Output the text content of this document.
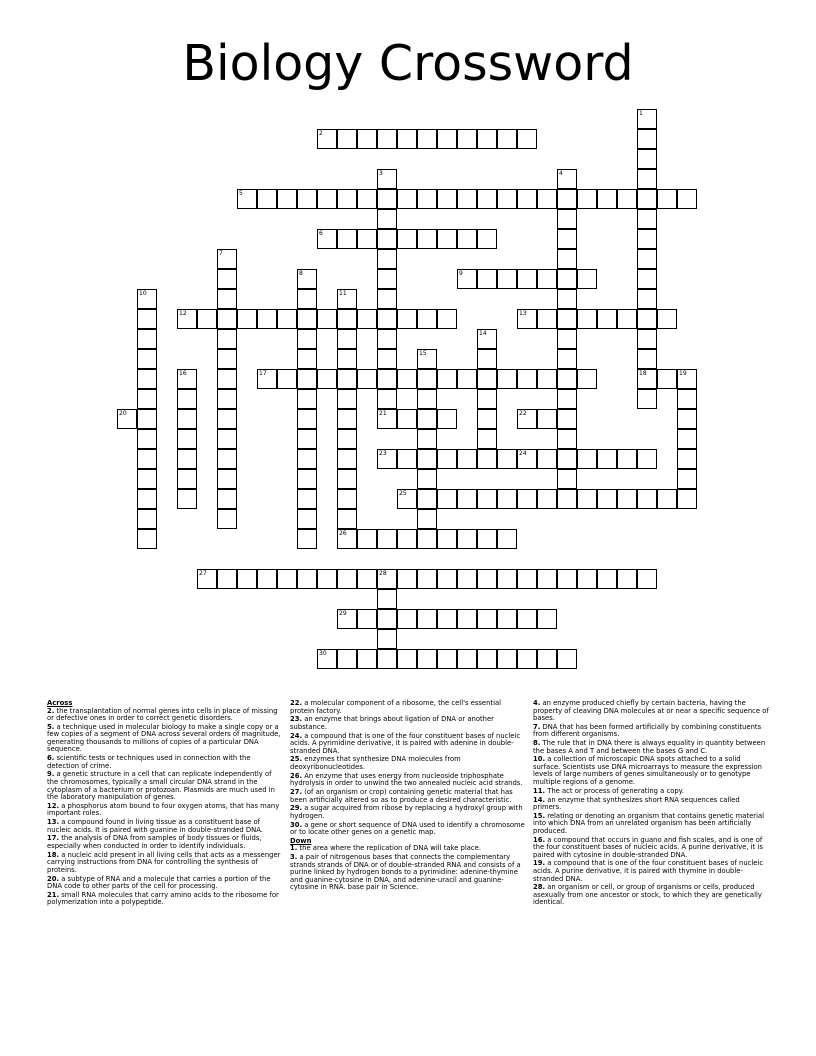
Biology Crossword
1
18
2
3	4
5
6
7
8	9
10	11
12	13
14
15
16	17	19
20	21	22
23	24
25
26
27	28
29
30
Across
2. the transplantation of normal genes into cells in place of missing or defective ones in order to correct genetic disorders.
5. a technique used in molecular biology to make a single copy or a few copies of a segment of DNA across several orders of magnitude, generating thousands to millions of copies of a particular DNA sequence.
6. scientific tests or techniques used in connection with the detection of crime.
9. a genetic structure in a cell that can replicate independently of the chromosomes, typically a small circular DNA strand in the cytoplasm of a bacterium or protozoan. Plasmids are much used in the laboratory manipulation of genes.
12. a phosphorus atom bound to four oxygen atoms, that has many important roles.
13. a compound found in living tissue as a constituent base of nucleic acids. It is paired with guanine in double-stranded DNA.
17. the analysis of DNA from samples of body tissues or fluids, especially when conducted in order to identify individuals.
18. a nucleic acid present in all living cells that acts as a messenger carrying instructions from DNA for controlling the synthesis of proteins.
20. a subtype of RNA and a molecule that carries a portion of the DNA code to other parts of the cell for processing.
21. small RNA molecules that carry amino acids to the ribosome for polymerization into a polypeptide.
22. a molecular component of a ribosome, the cell's essential protein factory.
23. an enzyme that brings about ligation of DNA or another substance.
24. a compound that is one of the four constituent bases of nucleic acids. A pyrimidine derivative, it is paired with adenine in double-stranded DNA.
25. enzymes that synthesize DNA molecules from deoxyribonucleotides.
26. An enzyme that uses energy from nucleoside triphosphate hydrolysis in order to unwind the two annealed nucleic acid strands.
27. (of an organism or crop) containing genetic material that has been artificially altered so as to produce a desired characteristic.
29. a sugar acquired from ribose by replacing a hydroxyl group with hydrogen.
30. a gene or short sequence of DNA used to identify a chromosome or to locate other genes on a genetic map.
Down
1. the area where the replication of DNA will take place.
3. a pair of nitrogenous bases that connects the complementary strands strands of DNA or of double-stranded RNA and consists of a purine linked by hydrogen bonds to a pyrimidine: adenine-thymine and guanine-cytosine in DNA, and adenine-uracil and guanine-cytosine in RNA. base pair in Science.
4. an enzyme produced chiefly by certain bacteria, having the property of cleaving DNA molecules at or near a specific sequence of bases.
7. DNA that has been formed artificially by combining constituents from different organisms.
8. The rule that in DNA there is always equality in quantity between the bases A and T and between the bases G and C.
10. a collection of microscopic DNA spots attached to a solid surface. Scientists use DNA microarrays to measure the expression levels of large numbers of genes simultaneously or to genotype multiple regions of a genome.
11. The act or process of generating a copy.
14. an enzyme that synthesizes short RNA sequences called primers.
15. relating or denoting an organism that contains genetic material into which DNA from an unrelated organism has been artificially produced.
16. a compound that occurs in guano and fish scales, and is one of the four constituent bases of nucleic acids. A purine derivative, it is paired with cytosine in double-stranded DNA.
19. a compound that is one of the four constituent bases of nucleic acids. A purine derivative, it is paired with thymine in double-stranded DNA.
28. an organism or cell, or group of organisms or cells, produced asexually from one ancestor or stock, to which they are genetically identical.
